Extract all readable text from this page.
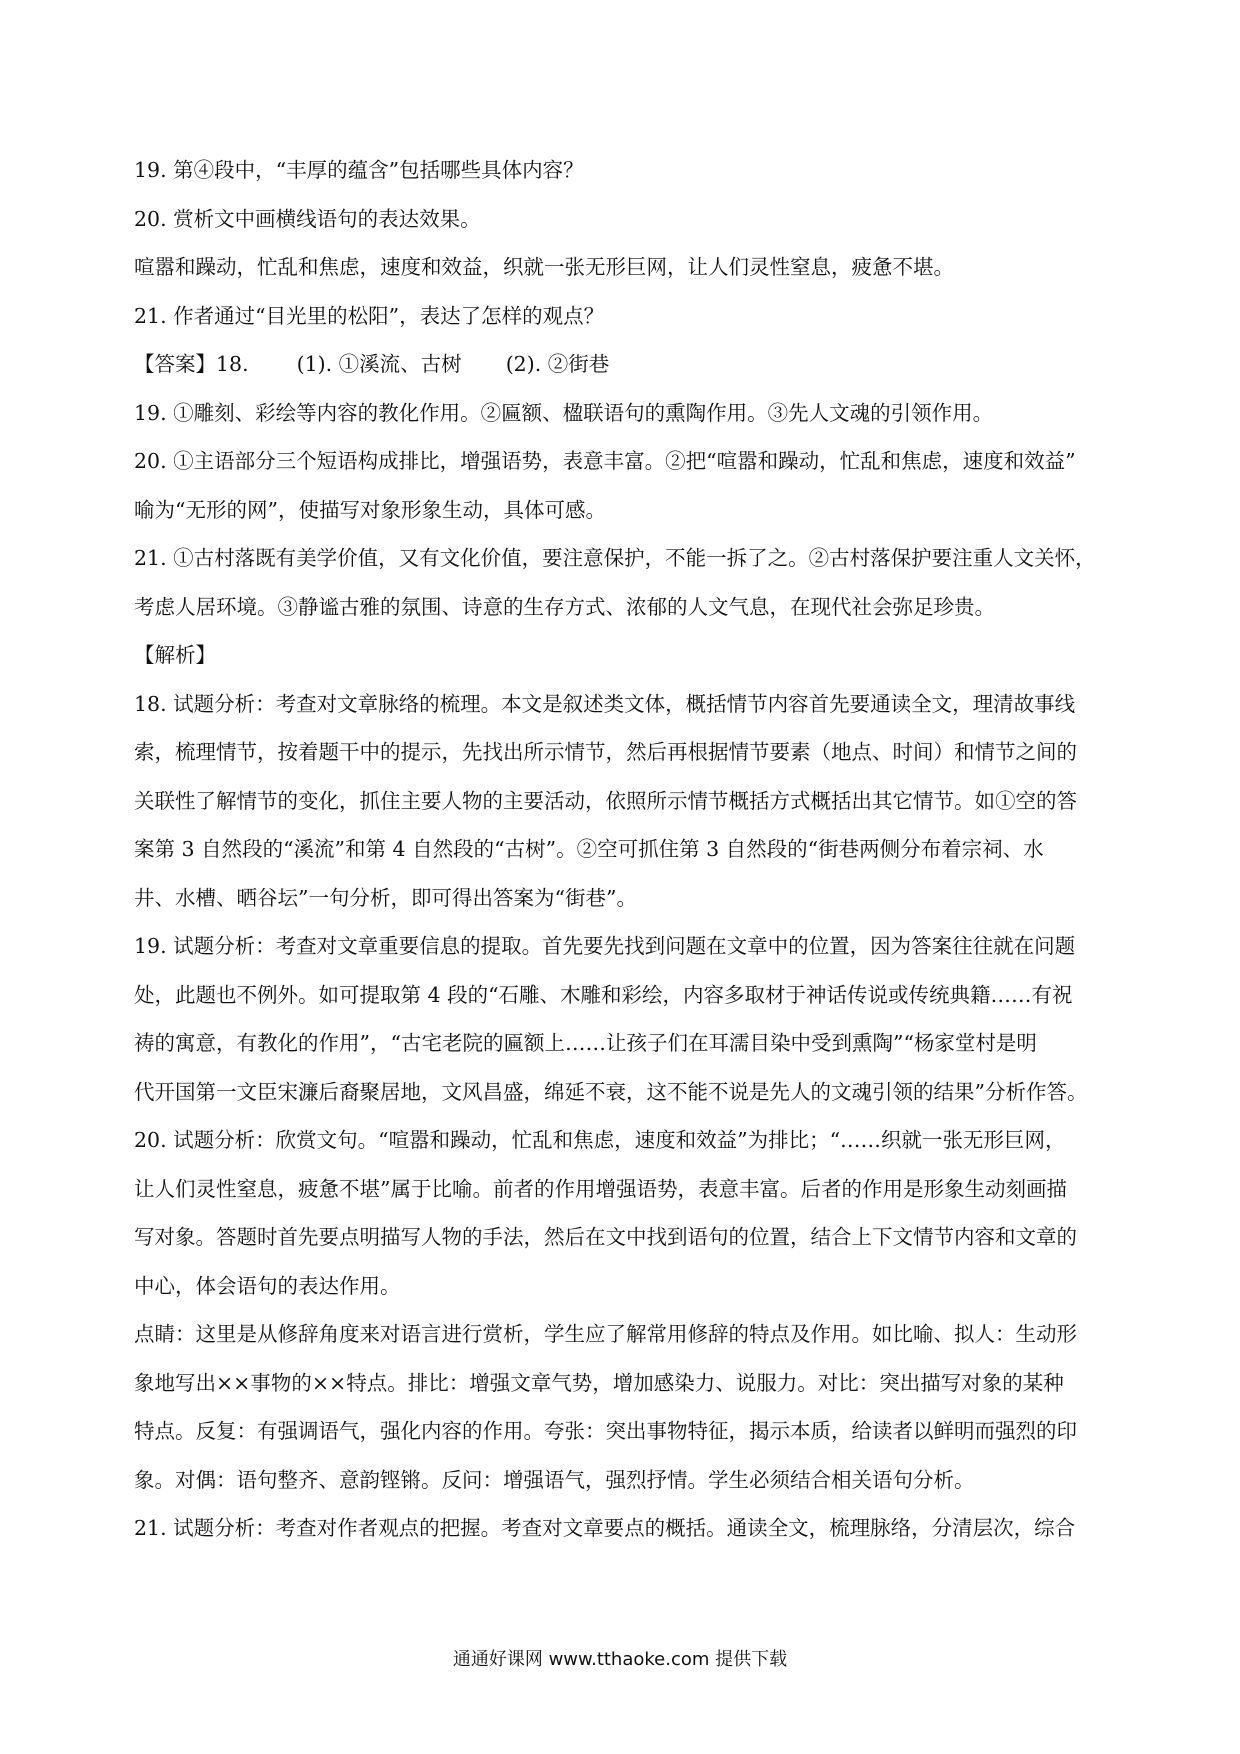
19. 第④段中，“丰厚的蕴含”包括哪些具体内容？
20. 赏析文中画横线语句的表达效果。
喧嚣和躁动，忙乱和焦虑，速度和效益，织就一张无形巨网，让人们灵性窒息，疲惫不堪。
21. 作者通过“目光里的松阳”，表达了怎样的观点？
【答案】18. (1). ①溪流、古树 (2). ②街巷
19. ①雕刻、彩绘等内容的教化作用。②匾额、楹联语句的熏陶作用。③先人文魂的引领作用。
20. ①主语部分三个短语构成排比，增强语势，表意丰富。②把“喧嚣和躁动，忙乱和焦虑，速度和效益”
喻为“无形的网”，使描写对象形象生动，具体可感。
21. ①古村落既有美学价值，又有文化价值，要注意保护，不能一拆了之。②古村落保护要注重人文关怀，
考虑人居环境。③静谧古雅的氛围、诗意的生存方式、浓郁的人文气息，在现代社会弥足珍贵。
【解析】
18. 试题分析：考查对文章脉络的梳理。本文是叙述类文体，概括情节内容首先要通读全文，理清故事线
索，梳理情节，按着题干中的提示，先找出所示情节，然后再根据情节要素（地点、时间）和情节之间的
关联性了解情节的变化，抓住主要人物的主要活动，依照所示情节概括方式概括出其它情节。如①空的答
案第 3 自然段的“溪流”和第 4 自然段的“古树”。②空可抓住第 3 自然段的“街巷两侧分布着宗祠、水
井、水槽、晒谷坛”一句分析，即可得出答案为“街巷”。
19. 试题分析：考查对文章重要信息的提取。首先要先找到问题在文章中的位置，因为答案往往就在问题
处，此题也不例外。如可提取第 4 段的“石雕、木雕和彩绘，内容多取材于神话传说或传统典籍……有祝
祷的寓意，有教化的作用”，“古宅老院的匾额上……让孩子们在耳濡目染中受到熏陶”“杨家堂村是明
代开国第一文臣宋濂后裔聚居地，文风昌盛，绵延不衰，这不能不说是先人的文魂引领的结果”分析作答。
20. 试题分析：欣赏文句。“喧嚣和躁动，忙乱和焦虑，速度和效益”为排比；“……织就一张无形巨网，
让人们灵性窒息，疲惫不堪”属于比喻。前者的作用增强语势，表意丰富。后者的作用是形象生动刻画描
写对象。答题时首先要点明描写人物的手法，然后在文中找到语句的位置，结合上下文情节内容和文章的
中心，体会语句的表达作用。
点睛：这里是从修辞角度来对语言进行赏析，学生应了解常用修辞的特点及作用。如比喻、拟人：生动形
象地写出××事物的××特点。排比：增强文章气势，增加感染力、说服力。对比：突出描写对象的某种
特点。反复：有强调语气，强化内容的作用。夸张：突出事物特征，揭示本质，给读者以鲜明而强烈的印
象。对偶：语句整齐、意韵铿锵。反问：增强语气，强烈抒情。学生必须结合相关语句分析。
21. 试题分析：考查对作者观点的把握。考查对文章要点的概括。通读全文，梳理脉络，分清层次，综合
通通好课网 www.tthaoke.com 提供下载
